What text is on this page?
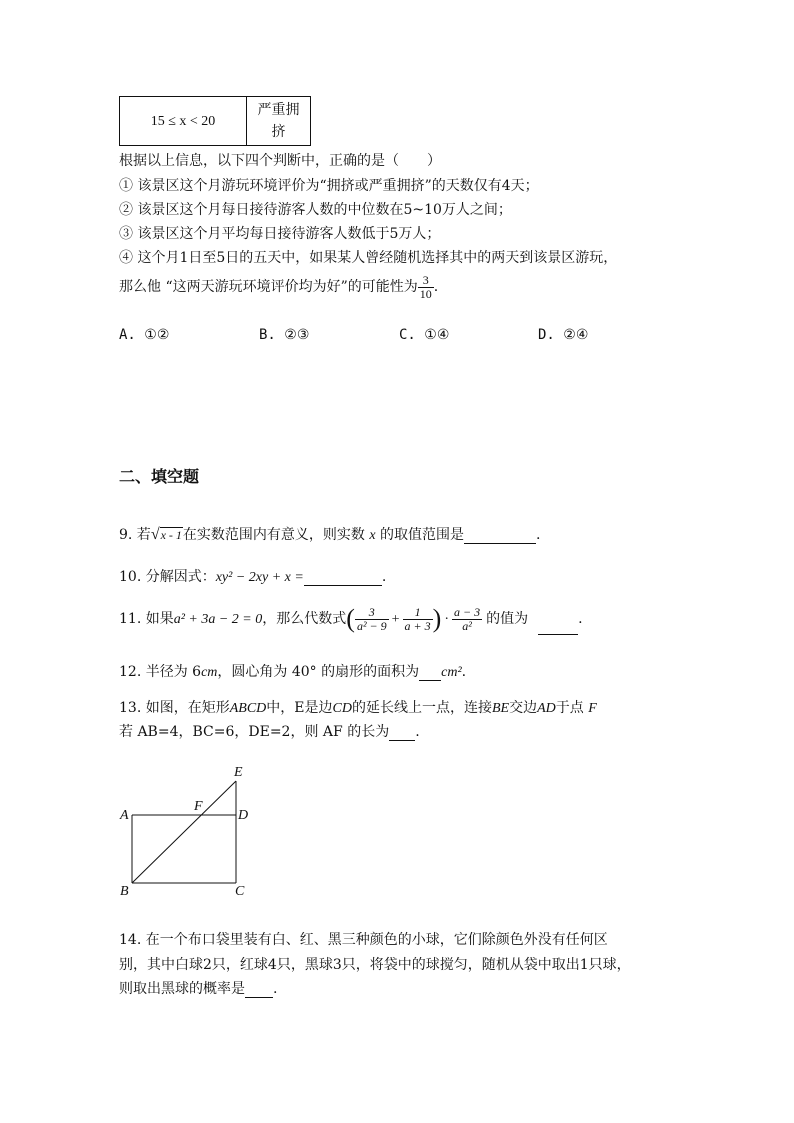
15 ≤ x < 20	严重拥
挤
根据以上信息，以下四个判断中，正确的是（　　）
① 该景区这个月游玩环境评价为“拥挤或严重拥挤”的天数仅有4天；
② 该景区这个月每日接待游客人数的中位数在5~10万人之间；
③ 该景区这个月平均每日接待游客人数低于5万人；
④ 这个月1日至5日的五天中，如果某人曾经随机选择其中的两天到该景区游玩，
那么他 “这两天游玩环境评价均为好”的可能性为 $\frac{3}{10}$ .
A. ①②	B. ②③	C. ①④	D. ②④
二、填空题
9. 若√x - 1在实数范围内有意义，则实数 x 的取值范围是	.
10. 分解因式：xy² − 2xy + x =	.
11. 如果a² + 3a − 2 = 0，那么代数式( $\frac{3}{\text{a² − 9}} + \frac{1}{a + 3}$ ) · $\frac{a - 3}{\text{a²}}$ 的值为	.
12. 半径为 6cm，圆心角为 40° 的扇形的面积为 cm².
13. 如图，在矩形ABCD中，E是边CD的延长线上一点，连接BE交边AD于点 F
若 AB=4，BC=6，DE=2，则 AF 的长为 .
E
A
F
D
B	C
14. 在一个布口袋里装有白、红、黑三种颜色的小球，它们除颜色外没有任何区
别，其中白球2只，红球4只，黑球3只，将袋中的球搅匀，随机从袋中取出1只球，
则取出黑球的概率是 .
